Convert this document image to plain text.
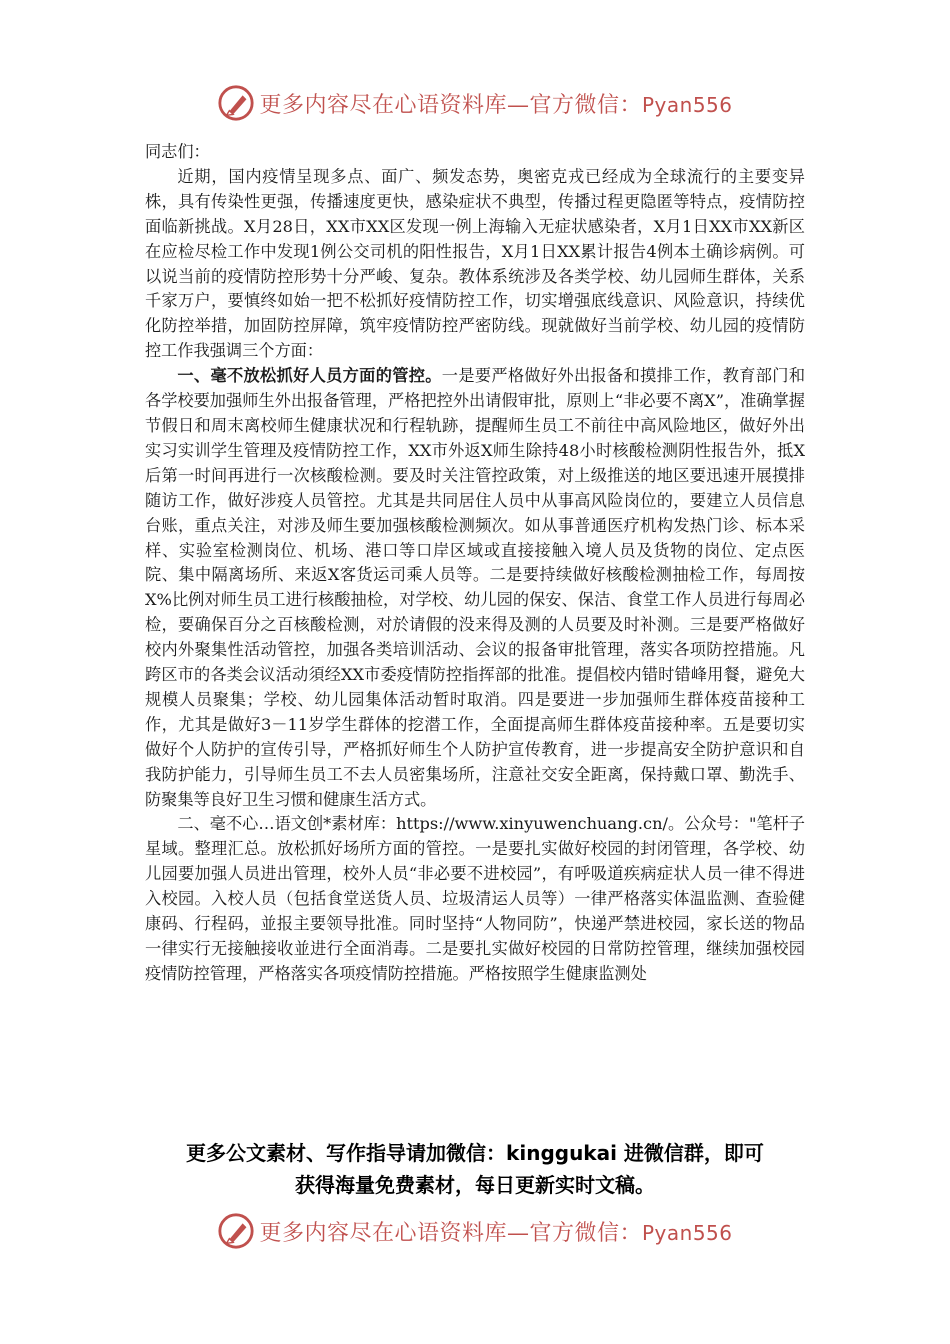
更多内容尽在心语资料库—官方微信：Pyan556

同志们：

近期，国内疫情呈现多点、面广、频发态势，奥密克戎已经成为全球流行的主要变异株，具有传染性更强，传播速度更快，感染症状不典型，传播过程更隐匿等特点，疫情防控面临新挑战。X月28日，XX市XX区发现一例上海输入无症状感染者，X月1日XX市XX新区在应检尽检工作中发现1例公交司机的阳性报告，X月1日XX累计报告4例本土确诊病例。可以说当前的疫情防控形势十分严峻、复杂。教体系统涉及各类学校、幼儿园师生群体，关系千家万户，要慎终如始一把不松抓好疫情防控工作，切实增强底线意识、风险意识，持续优化防控举措，加固防控屏障，筑牢疫情防控严密防线。现就做好当前学校、幼儿园的疫情防控工作我强调三个方面：

一、毫不放松抓好人员方面的管控。一是要严格做好外出报备和摸排工作，教育部门和各学校要加强师生外出报备管理，严格把控外出请假审批，原则上“非必要不离X”，准确掌握节假日和周末离校师生健康状况和行程轨跡，提醒师生员工不前往中高风险地区，做好外出实习实训学生管理及疫情防控工作，XX市外返X师生除持48小时核酸检测阴性报告外，抵X后第一时间再进行一次核酸检测。要及时关注管控政策，对上级推送的地区要迅速开展摸排随访工作，做好涉疫人员管控。尤其是共同居住人员中从事高风险岗位的，要建立人员信息台账，重点关注，对涉及师生要加强核酸检测频次。如从事普通医疗机构发热门诊、标本采样、实验室检测岗位、机场、港口等口岸区域或直接接触入境人员及货物的岗位、定点医院、集中隔离场所、来返X客货运司乘人员等。二是要持续做好核酸检测抽检工作，每周按X%比例对师生员工进行核酸抽检，对学校、幼儿园的保安、保洁、食堂工作人员进行每周必检，要确保百分之百核酸检测，对於请假的没来得及测的人员要及时补测。三是要严格做好校内外聚集性活动管控，加强各类培训活动、会议的报备审批管理，落实各项防控措施。凡跨区市的各类会议活动須经XX市委疫情防控指挥部的批准。提倡校内错时错峰用餐，避免大规模人员聚集；学校、幼儿园集体活动暂时取消。四是要进一步加强师生群体疫苗接种工作，尤其是做好3－11岁学生群体的挖潜工作，全面提高师生群体疫苗接种率。五是要切实做好个人防护的宣传引导，严格抓好师生个人防护宣传教育，进一步提高安全防护意识和自我防护能力，引导师生员工不去人员密集场所，注意社交安全距离，保持戴口罩、勤洗手、防聚集等良好卫生习惯和健康生活方式。

二、毫不心…语文创*素材库：https://www.xinyuwenchuang.cn/。公众号："笔杆子星域。整理汇总。放松抓好场所方面的管控。一是要扎实做好校园的封闭管理，各学校、幼儿园要加强人员进出管理，校外人员“非必要不进校园”，有呼吸道疾病症状人员一律不得进入校园。入校人员（包括食堂送货人员、垃圾清运人员等）一律严格落实体温监测、查验健康码、行程码，並报主要领导批准。同时坚持“人物同防”，快递严禁进校园，家长送的物品一律实行无接触接收並进行全面消毒。二是要扎实做好校园的日常防控管理，继续加强校园疫情防控管理，严格落实各项疫情防控措施。严格按照学生健康监测处

更多公文素材、写作指导请加微信：kinggukai 进微信群，即可
获得海量免费素材，每日更新实时文稿。
更多内容尽在心语资料库—官方微信：Pyan556
